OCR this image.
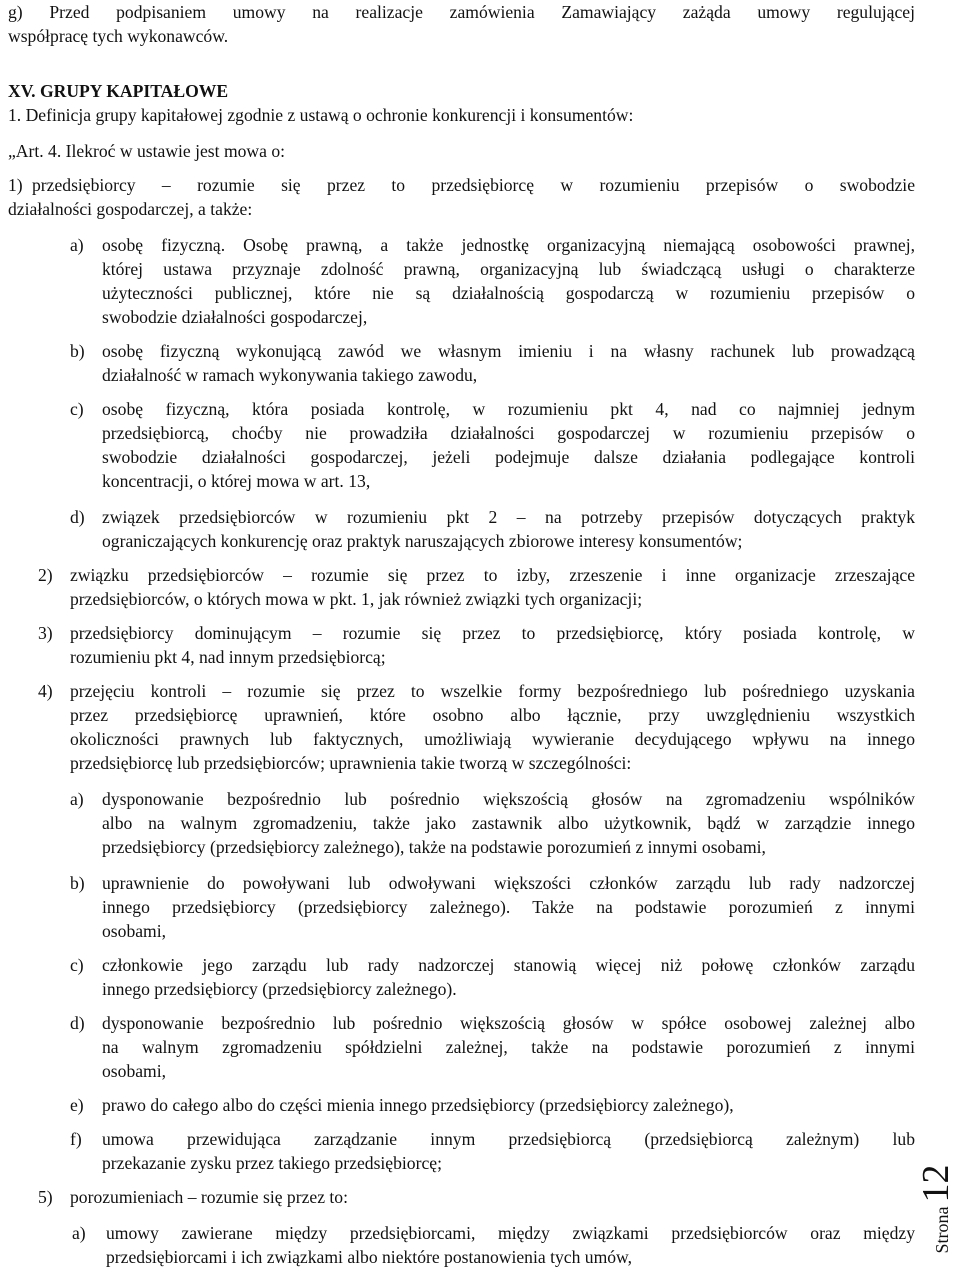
g) Przed podpisaniem umowy na realizacje zamówienia Zamawiający zażąda umowy regulującej
współpracę tych wykonawców.
XV. GRUPY KAPITAŁOWE
1. Definicja grupy kapitałowej zgodnie z ustawą o ochronie konkurencji i konsumentów:
„Art. 4. Ilekroć w ustawie jest mowa o:
1) przedsiębiorcy – rozumie się przez to przedsiębiorcę w rozumieniu przepisów o swobodzie
działalności gospodarczej, a także:
a) osobę fizyczną. Osobę prawną, a także jednostkę organizacyjną niemającą osobowości prawnej,
której ustawa przyznaje zdolność prawną, organizacyjną lub świadczącą usługi o charakterze
użyteczności publicznej, które nie są działalnością gospodarczą w rozumieniu przepisów o
swobodzie działalności gospodarczej,
b) osobę fizyczną wykonującą zawód we własnym imieniu i na własny rachunek lub prowadzącą
działalność w ramach wykonywania takiego zawodu,
c) osobę fizyczną, która posiada kontrolę, w rozumieniu pkt 4, nad co najmniej jednym
przedsiębiorcą, choćby nie prowadziła działalności gospodarczej w rozumieniu przepisów o
swobodzie działalności gospodarczej, jeżeli podejmuje dalsze działania podlegające kontroli
koncentracji, o której mowa w art. 13,
d) związek przedsiębiorców w rozumieniu pkt 2 – na potrzeby przepisów dotyczących praktyk
ograniczających konkurencję oraz praktyk naruszających zbiorowe interesy konsumentów;
2) związku przedsiębiorców – rozumie się przez to izby, zrzeszenie i inne organizacje zrzeszające
przedsiębiorców, o których mowa w pkt. 1, jak również związki tych organizacji;
3) przedsiębiorcy dominującym – rozumie się przez to przedsiębiorcę, który posiada kontrolę, w
rozumieniu pkt 4, nad innym przedsiębiorcą;
4) przejęciu kontroli – rozumie się przez to wszelkie formy bezpośredniego lub pośredniego uzyskania
przez przedsiębiorcę uprawnień, które osobno albo łącznie, przy uwzględnieniu wszystkich
okoliczności prawnych lub faktycznych, umożliwiają wywieranie decydującego wpływu na innego
przedsiębiorcę lub przedsiębiorców; uprawnienia takie tworzą w szczególności:
a) dysponowanie bezpośrednio lub pośrednio większością głosów na zgromadzeniu wspólników
albo na walnym zgromadzeniu, także jako zastawnik albo użytkownik, bądź w zarządzie innego
przedsiębiorcy (przedsiębiorcy zależnego), także na podstawie porozumień z innymi osobami,
b) uprawnienie do powoływani lub odwoływani większości członków zarządu lub rady nadzorczej
innego przedsiębiorcy (przedsiębiorcy zależnego). Także na podstawie porozumień z innymi
osobami,
c) członkowie jego zarządu lub rady nadzorczej stanowią więcej niż połowę członków zarządu
innego przedsiębiorcy (przedsiębiorcy zależnego).
d) dysponowanie bezpośrednio lub pośrednio większością głosów w spółce osobowej zależnej albo
na walnym zgromadzeniu spółdzielni zależnej, także na podstawie porozumień z innymi
osobami,
e) prawo do całego albo do części mienia innego przedsiębiorcy (przedsiębiorcy zależnego),
f) umowa przewidująca zarządzanie innym przedsiębiorcą (przedsiębiorcą zależnym) lub
przekazanie zysku przez takiego przedsiębiorcę;
5) porozumieniach – rozumie się przez to:
a) umowy zawierane między przedsiębiorcami, między związkami przedsiębiorców oraz między
przedsiębiorcami i ich związkami albo niektóre postanowienia tych umów,
Strona12
